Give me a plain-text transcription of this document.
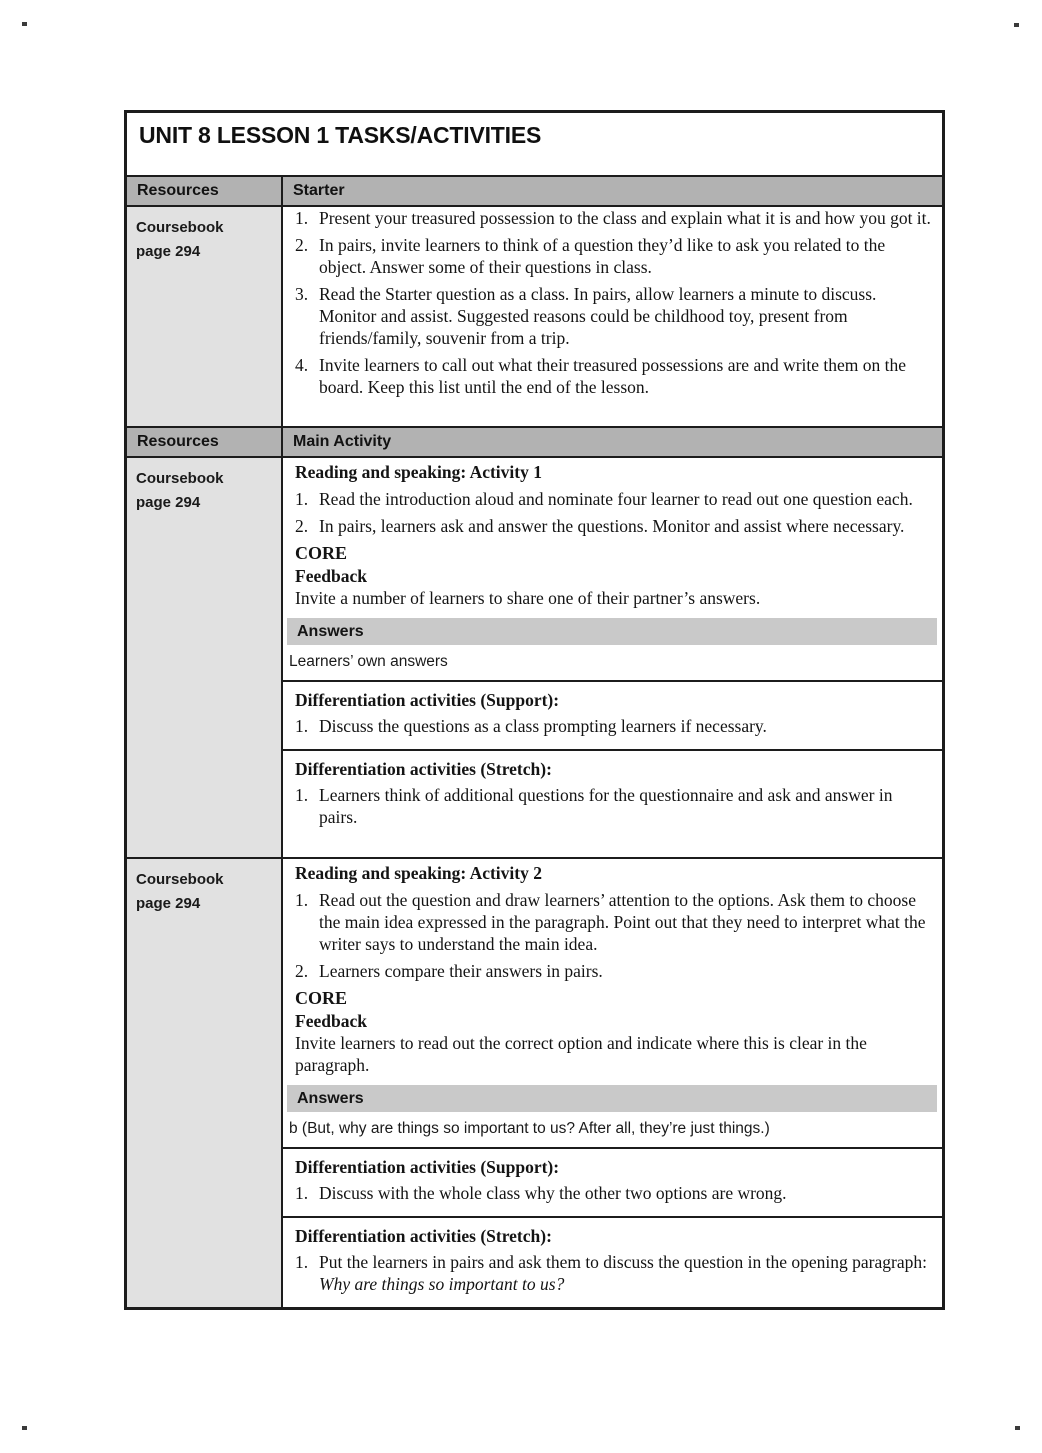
UNIT 8 LESSON 1 TASKS/ACTIVITIES
Resources	Starter
Coursebook
page 294
1. Present your treasured possession to the class and explain what it is and how you got it.
2. In pairs, invite learners to think of a question they’d like to ask you related to the object. Answer some of their questions in class.
3. Read the Starter question as a class. In pairs, allow learners a minute to discuss. Monitor and assist. Suggested reasons could be childhood toy, present from friends/family, souvenir from a trip.
4. Invite learners to call out what their treasured possessions are and write them on the board. Keep this list until the end of the lesson.
Resources	Main Activity
Coursebook
page 294
Reading and speaking: Activity 1
1. Read the introduction aloud and nominate four learner to read out one question each.
2. In pairs, learners ask and answer the questions. Monitor and assist where necessary.
CORE
Feedback
Invite a number of learners to share one of their partner’s answers.
Answers
Learners’ own answers
Differentiation activities (Support):
1. Discuss the questions as a class prompting learners if necessary.
Differentiation activities (Stretch):
1. Learners think of additional questions for the questionnaire and ask and answer in pairs.
Coursebook
page 294
Reading and speaking: Activity 2
1. Read out the question and draw learners’ attention to the options. Ask them to choose the main idea expressed in the paragraph. Point out that they need to interpret what the writer says to understand the main idea.
2. Learners compare their answers in pairs.
CORE
Feedback
Invite learners to read out the correct option and indicate where this is clear in the paragraph.
Answers
b (But, why are things so important to us? After all, they’re just things.)
Differentiation activities (Support):
1. Discuss with the whole class why the other two options are wrong.
Differentiation activities (Stretch):
1. Put the learners in pairs and ask them to discuss the question in the opening paragraph: Why are things so important to us?
